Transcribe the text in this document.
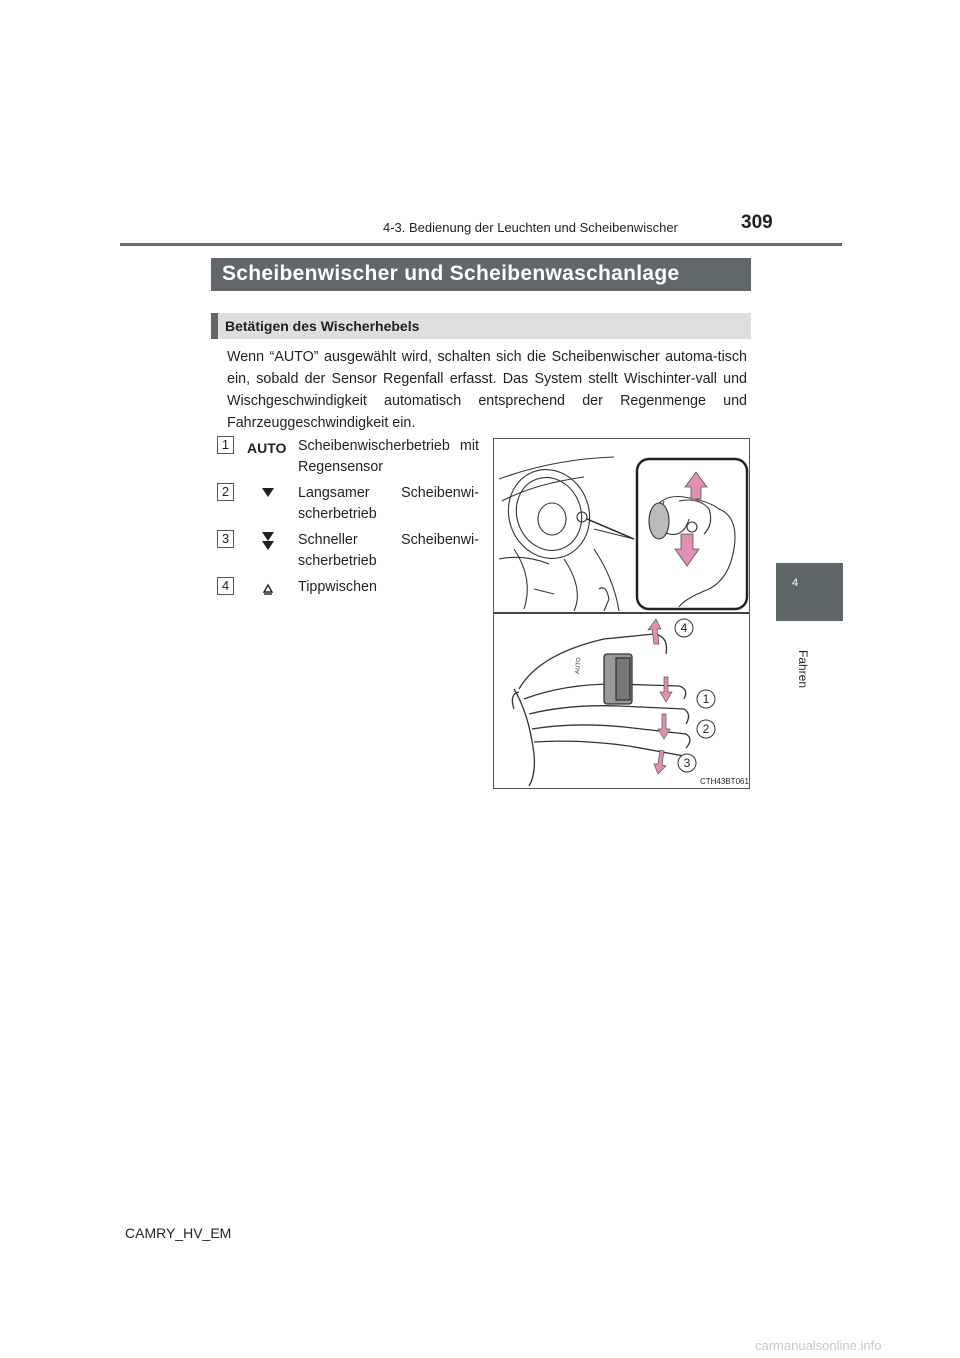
4-3. Bedienung der Leuchten und Scheibenwischer	309
4
Fahren
Scheibenwischer und Scheibenwaschanlage
Betätigen des Wischerhebels

Wenn “AUTO” ausgewählt wird, schalten sich die Scheibenwischer automa-tisch ein, sobald der Sensor Regenfall erfasst. Das System stellt Wischinter-vall und Wischgeschwindigkeit automatisch entsprechend der Regenmenge und Fahrzeuggeschwindigkeit ein.

1	AUTO Scheibenwischerbetrieb mit Regensensor
2	Langsamer Scheibenwi-scherbetrieb
3	Schneller Scheibenwi-scherbetrieb
4	Tippwischen
AUTO
4
1
2
3
CTH43BT061
CAMRY_HV_EM
carmanualsonline.info
